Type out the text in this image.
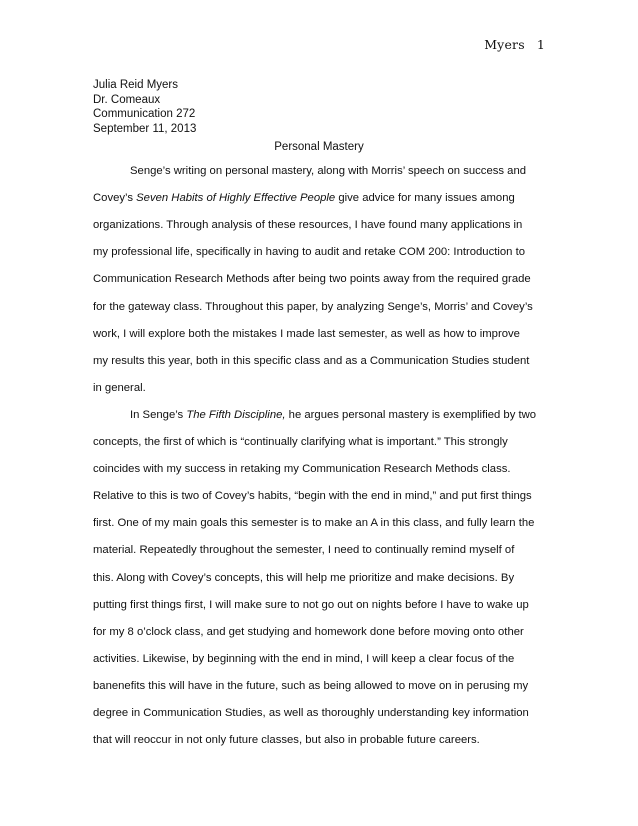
Myers 1
Julia Reid Myers
Dr. Comeaux
Communication 272
September 11, 2013
Personal Mastery
Senge’s writing on personal mastery, along with Morris’ speech on success and
Covey’s Seven Habits of Highly Effective People give advice for many issues among
organizations. Through analysis of these resources, I have found many applications in
my professional life, specifically in having to audit and retake COM 200: Introduction to
Communication Research Methods after being two points away from the required grade
for the gateway class. Throughout this paper, by analyzing Senge’s, Morris’ and Covey’s
work, I will explore both the mistakes I made last semester, as well as how to improve
my results this year, both in this specific class and as a Communication Studies student
in general.
In Senge’s The Fifth Discipline, he argues personal mastery is exemplified by two
concepts, the first of which is “continually clarifying what is important.” This strongly
coincides with my success in retaking my Communication Research Methods class.
Relative to this is two of Covey’s habits, “begin with the end in mind,” and put first things
first. One of my main goals this semester is to make an A in this class, and fully learn the
material. Repeatedly throughout the semester, I need to continually remind myself of
this. Along with Covey’s concepts, this will help me prioritize and make decisions. By
putting first things first, I will make sure to not go out on nights before I have to wake up
for my 8 o’clock class, and get studying and homework done before moving onto other
activities. Likewise, by beginning with the end in mind, I will keep a clear focus of the
banenefits this will have in the future, such as being allowed to move on in perusing my
degree in Communication Studies, as well as thoroughly understanding key information
that will reoccur in not only future classes, but also in probable future careers.
